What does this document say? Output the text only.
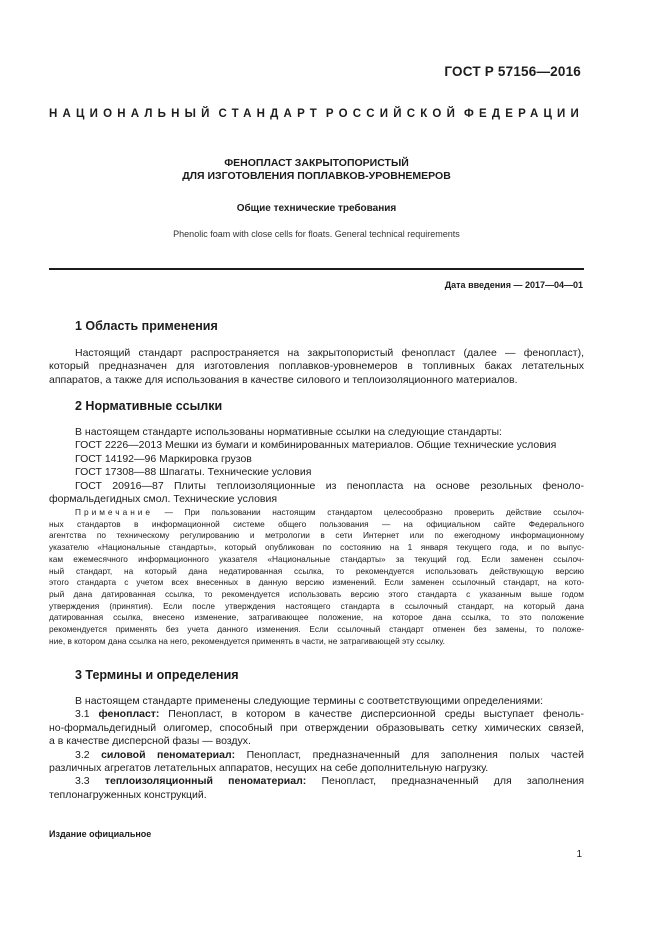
ГОСТ Р 57156—2016
НАЦИОНАЛЬНЫЙ СТАНДАРТ РОССИЙСКОЙ ФЕДЕРАЦИИ
ФЕНОПЛАСТ ЗАКРЫТОПОРИСТЫЙ
ДЛЯ ИЗГОТОВЛЕНИЯ ПОПЛАВКОВ-УРОВНЕМЕРОВ
Общие технические требования
Phenolic foam with close cells for floats. General technical requirements
Дата введения — 2017—04—01
1 Область применения
Настоящий стандарт распространяется на закрытопористый фенопласт (далее — фенопласт),
который предназначен для изготовления поплавков-уровнемеров в топливных баках летательных
аппаратов, а также для использования в качестве силового и теплоизоляционного материалов.
2 Нормативные ссылки
В настоящем стандарте использованы нормативные ссылки на следующие стандарты:
ГОСТ 2226—2013 Мешки из бумаги и комбинированных материалов. Общие технические условия
ГОСТ 14192—96 Маркировка грузов
ГОСТ 17308—88 Шпагаты. Технические условия
ГОСТ 20916—87 Плиты теплоизоляционные из пенопласта на основе резольных феноло-
формальдегидных смол. Технические условия
Примечание — При пользовании настоящим стандартом целесообразно проверить действие ссылоч-
ных стандартов в информационной системе общего пользования — на официальном сайте Федерального
агентства по техническому регулированию и метрологии в сети Интернет или по ежегодному информационному
указателю «Национальные стандарты», который опубликован по состоянию на 1 января текущего года, и по выпус-
кам ежемесячного информационного указателя «Национальные стандарты» за текущий год. Если заменен ссылоч-
ный стандарт, на который дана недатированная ссылка, то рекомендуется использовать действующую версию
этого стандарта с учетом всех внесенных в данную версию изменений. Если заменен ссылочный стандарт, на кото-
рый дана датированная ссылка, то рекомендуется использовать версию этого стандарта с указанным выше годом
утверждения (принятия). Если после утверждения настоящего стандарта в ссылочный стандарт, на который дана
датированная ссылка, внесено изменение, затрагивающее положение, на которое дана ссылка, то это положение
рекомендуется применять без учета данного изменения. Если ссылочный стандарт отменен без замены, то положе-
ние, в котором дана ссылка на него, рекомендуется применять в части, не затрагивающей эту ссылку.
3 Термины и определения
В настоящем стандарте применены следующие термины с соответствующими определениями:
3.1 фенопласт: Пенопласт, в котором в качестве дисперсионной среды выступает феноль-
но-формальдегидный олигомер, способный при отверждении образовывать сетку химических связей,
а в качестве дисперсной фазы — воздух.
3.2 силовой пеноматериал: Пенопласт, предназначенный для заполнения полых частей
различных агрегатов летательных аппаратов, несущих на себе дополнительную нагрузку.
3.3 теплоизоляционный пеноматериал: Пенопласт, предназначенный для заполнения
теплонагруженных конструкций.
Издание официальное
1
